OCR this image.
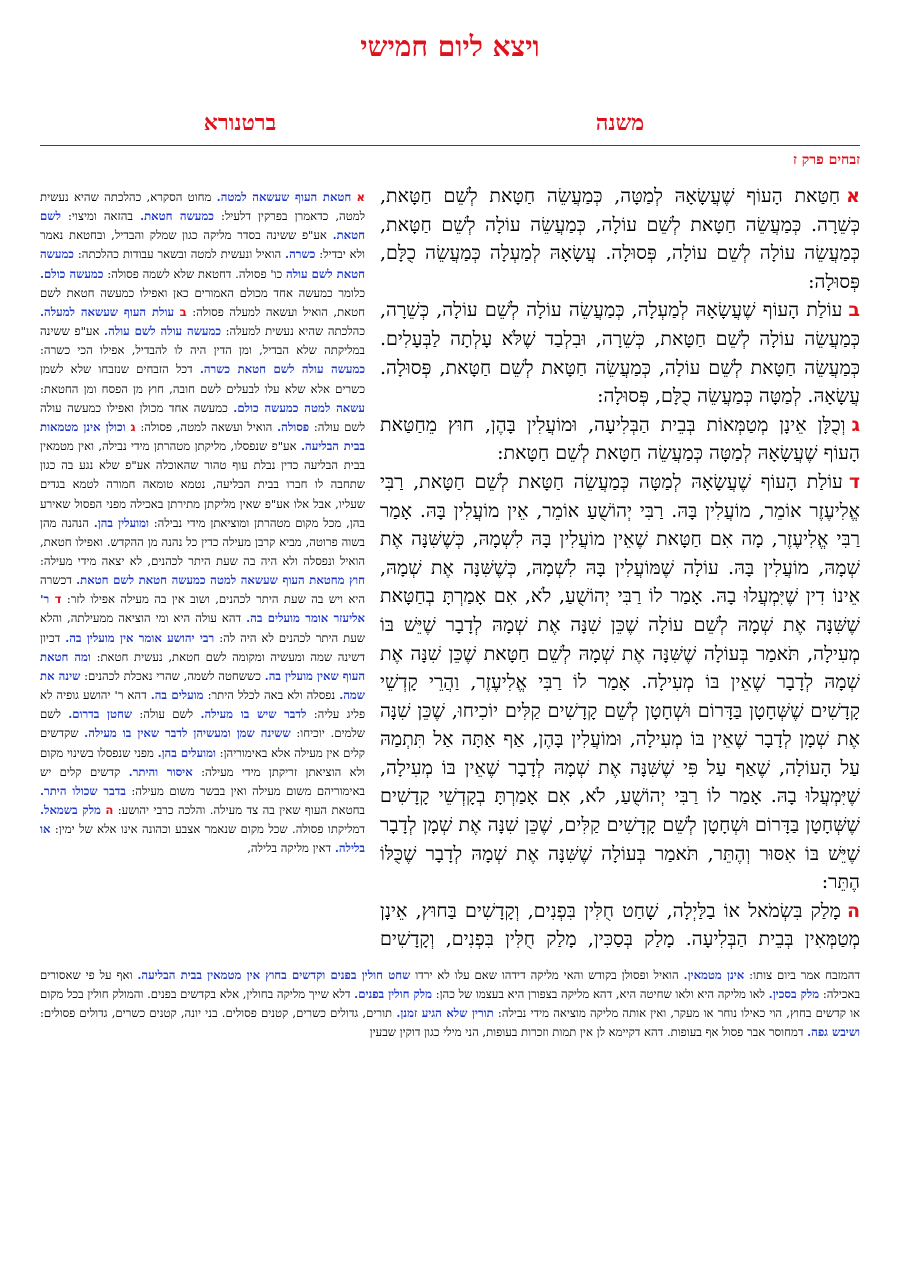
ויצא ליום חמישי
משנה
ברטנורא
זבחים פרק ז
אחַטַּאת הָעוֹף שֶׁעֲשָׂאָהּ לְמַטָּה, כְּמַעֲשֵׂה חַטָּאת לְשֵׁם חַטָּאת, כְּשֵׁרָה. כְּמַעֲשֵׂה חַטָּאת לְשֵׁם עוֹלָה, כְּמַעֲשֵׂה עוֹלָה לְשֵׁם חַטָּאת, כְּמַעֲשֵׂה עוֹלָה לְשֵׁם עוֹלָה, פְּסוּלָה. עֲשָׂאָהּ לְמַעְלָה כְּמַעֲשֵׂה כֻלָּם, פְּסוּלָה:
בעוֹלַת הָעוֹף שֶׁעֲשָׂאָהּ לְמַעְלָה, כְּמַעֲשֵׂה עוֹלָה לְשֵׁם עוֹלָה, כְּשֵׁרָה, כְּמַעֲשֵׂה עוֹלָה לְשֵׁם חַטָּאת, כְּשֵׁרָה, וּבִלְבַד שֶׁלֹּא עָלְתָה לַבְּעָלִים. כְּמַעֲשֵׂה חַטָּאת לְשֵׁם עוֹלָה, כְּמַעֲשֵׂה חַטָּאת לְשֵׁם חַטָּאת, פְּסוּלָה. עֲשָׂאָהּ. לְמַטָּה כְּמַעֲשֵׂה כֻלָּם, פְּסוּלָה:
גוְכֻלָּן אֵינָן מְטַמְּאוֹת בְּבֵית הַבְּלִיעָה, וּמוֹעֲלִין בָּהֶן, חוּץ מֵחַטַּאת הָעוֹף שֶׁעֲשָׂאָהּ לְמַטָּה כְּמַעֲשֵׂה חַטָּאת לְשֵׁם חַטָּאת:
דעוֹלַת הָעוֹף שֶׁעֲשָׂאָהּ לְמַטָּה כְּמַעֲשֵׂה חַטָּאת לְשֵׁם חַטָּאת, רַבִּי אֱלִיעֶזֶר אוֹמֵר, מוֹעֲלִין בָּהּ. רַבִּי יְהוֹשֻׁעַ אוֹמֵר, אֵין מוֹעֲלִין בָּהּ. אָמַר רַבִּי אֱלִיעֶזֶר, מָה אִם חַטָּאת שֶׁאֵין מוֹעֲלִין בָּהּ לִשְׁמָהּ, כְּשֶׁשִּׁנָּה אֶת שְׁמָהּ, מוֹעֲלִין בָּהּ. עוֹלָה שֶׁמּוֹעֲלִין בָּהּ לִשְׁמָהּ, כְּשֶׁשִּׁנָּה אֶת שְׁמָהּ, אֵינוֹ דִין שֶׁיִּמְעֲלוּ בָהּ. אָמַר לוֹ רַבִּי יְהוֹשֻׁעַ, לֹא, אִם אָמַרְתָּ בְחַטָּאת שֶׁשִּׁנָּה אֶת שְׁמָהּ לְשֵׁם עוֹלָה שֶׁכֵּן שִׁנָּה אֶת שְׁמָהּ לְדָבָר שֶׁיֵּשׁ בּוֹ מְעִילָה, תֹּאמַר בְּעוֹלָה שֶׁשִּׁנָּה אֶת שְׁמָהּ לְשֵׁם חַטָּאת שֶׁכֵּן שִׁנָּה אֶת שְׁמָהּ לְדָבָר שֶׁאֵין בּוֹ מְעִילָה. אָמַר לוֹ רַבִּי אֱלִיעֶזֶר, וַהֲרֵי קָדְשֵׁי קָדָשִׁים שֶׁשְּׁחָטָן בַּדָּרוֹם וּשְׁחָטָן לְשֵׁם קָדָשִׁים קַלִּים יוֹכִיחוּ, שֶׁכֵּן שִׁנָּה אֶת שְׁמָן לְדָבָר שֶׁאֵין בּוֹ מְעִילָה, וּמוֹעֲלִין בָּהֶן, אַף אַתָּה אַל תִּתְמַהּ עַל הָעוֹלָה, שֶׁאַף עַל פִּי שֶׁשִּׁנָּה אֶת שְׁמָהּ לְדָבָר שֶׁאֵין בּוֹ מְעִילָה, שֶׁיִּמְעֲלוּ בָהּ. אָמַר לוֹ רַבִּי יְהוֹשֻׁעַ, לֹא, אִם אָמַרְתָּ בְקָדְשֵׁי קָדָשִׁים שֶׁשְּׁחָטָן בַּדָּרוֹם וּשְׁחָטָן לְשֵׁם קָדָשִׁים קַלִּים, שֶׁכֵּן שִׁנָּה אֶת שְׁמָן לְדָבָר שֶׁיֵּשׁ בּוֹ אִסּוּר וְהֶתֵּר, תֹּאמַר בְּעוֹלָה שֶׁשִּׁנָּה אֶת שְׁמָהּ לְדָבָר שֶׁכֻּלּוֹ הֶתֵּר:
המָלַק בִּשְׂמֹאל אוֹ בַלַּיְלָה, שָׁחַט חֻלִּין בִּפְנִים, וְקָדָשִׁים בַּחוּץ, אֵינָן מְטַמְּאִין בְּבֵית הַבְּלִיעָה. מָלַק בְּסַכִּין, מָלַק חֻלִּין בִּפְנִים, וְקָדָשִׁים
א חטאת העוף שעשאה למטה. מחוט הסקרא, כהלכתה שהיא נעשית למטה, כדאמרן בפרקין דלעיל: כמעשה חטאת. בהזאה ומיצוי: לשם חטאת. אע"פ ששינה בסדר מליקה כגון שמלק והבדיל, ובחטאת נאמר ולא יבדיל: כשרה. הואיל ונעשית למטה ובשאר עבודות כהלכתה: כמעשה חטאת לשם עולה כו' פסולה. דחטאת שלא לשמה פסולה: כמעשה כולם. כלומר כמעשה אחד מכולם האמורים כאן ואפילו כמעשה חטאת לשם חטאת, הואיל ועשאה למעלה פסולה: ב עולת העוף שעשאה למעלה. כהלכתה שהיא נעשית למעלה: כמעשה עולה לשם עולה. אע"פ ששינה במליקתה שלא הבדיל, ומן הדין היה לו להבדיל, אפילו הכי כשרה: כמעשה עולה לשם חטאת כשרה. דכל הזבחים שנזבחו שלא לשמן כשרים אלא שלא עלו לבעלים לשם חובה, חוץ מן הפסח ומן החטאת: עשאה למטה כמעשה כולם. כמעשה אחד מכולן ואפילו כמעשה עולה לשם עולה: פסולה. הואיל ועשאה למטה, פסולה: ג וכולן אינן מטמאות בבית הבליעה. אע"פ שנפסלו, מליקתן מטהרתן מידי נבילה, ואין מטמאין בבית הבליעה כדין נבלת עוף טהור שהאוכלה אע"פ שלא נגע בה כגון שתחבה לו חברו בבית הבליעה, נטמא טומאה חמורה לטמא בגדים שעליו, אבל אלו אע"פ שאין מליקתן מתירתן באכילה מפני הפסול שאירע בהן, מכל מקום מטהרתן ומוציאתן מידי נבילה: ומועלין בהן. הנהנה מהן בשוה פרוטה, מביא קרבן מעילה כדין כל נהנה מן ההקדש. ואפילו חטאת, הואיל ונפסלה ולא היה בה שעת היתר לכהנים, לא יצאה מידי מעילה: חוץ מחטאת העוף שעשאה למטה כמעשה חטאת לשם חטאת. דכשרה היא ויש בה שעת היתר לכהנים, ושוב אין בה מעילה אפילו לזר: ד ר' אליעזר אומר מועלים בה. דהא עולה היא ומי הוציאה ממעילתה, והלא שעת היתר לכהנים לא היה לה: רבי יהושע אומר אין מועלין בה. דכיון דשינה שמה ומעשיה ומקומה לשם חטאת, נעשית חטאת: ומה חטאת העוף שאין מועלין בה. כששחטה לשמה, שהרי נאכלת לכהנים: שינה את שמה. נפסלה ולא באה לכלל היתר: מועלים בה. דהא ר' יהושע גופיה לא פליג עליה: לדבר שיש בו מעילה. לשם עולה: שחטן בדרום. לשם שלמים. יוכיחו: ששינה שמן ומעשיהן לדבר שאין בו מעילה. שקדשים קלים אין מעילה אלא באימוריהן: ומועלים בהן. מפני שנפסלו בשינוי מקום ולא הוציאתן זריקתן מידי מעילה: איסור והיתר. קדשים קלים יש באימוריהם משום מעילה ואין בבשר משום מעילה: בדבר שכולו היתר. בחטאת העוף שאין בה צד מעילה. והלכה כרבי יהושע: ה מלק בשמאל. דמליקתו פסולה. שכל מקום שנאמר אצבע וכהונה אינו אלא של ימין: או בלילה. דאין מליקה בלילה,
דהמזבח אמר ביום צותו: אינן מטמאין. הואיל ופסולן בקודש והאי מליקה דידהו שאם עלו לא ירדו שחט חולין בפנים וקדשים בחוץ אין מטמאין בבית הבליעה. ואף על פי שאסורים באכילה: מלק בסכין. לאו מליקה היא ולאו שחיטה היא, דהא מליקה בצפורן היא בעצמו של כהן: מלק חולין בפנים. דלא שייך מליקה בחולין, אלא בקדשים בפנים. והמולק חולין בכל מקום או קדשים בחוץ, הוי כאילו נוחר או מעקר, ואין אותה מליקה מוציאה מידי נבילה: תורין שלא הגיע זמנן. תורים, גדולים כשרים, קטנים פסולים. בני יונה, קטנים כשרים, גדולים פסולים: ושיבש גפה. דמחוסר אבר פסול אף בעופות. דהא דקיימא לן אין תמות וזכרות בעופות, הני מילי כגון דוקין שבעין
